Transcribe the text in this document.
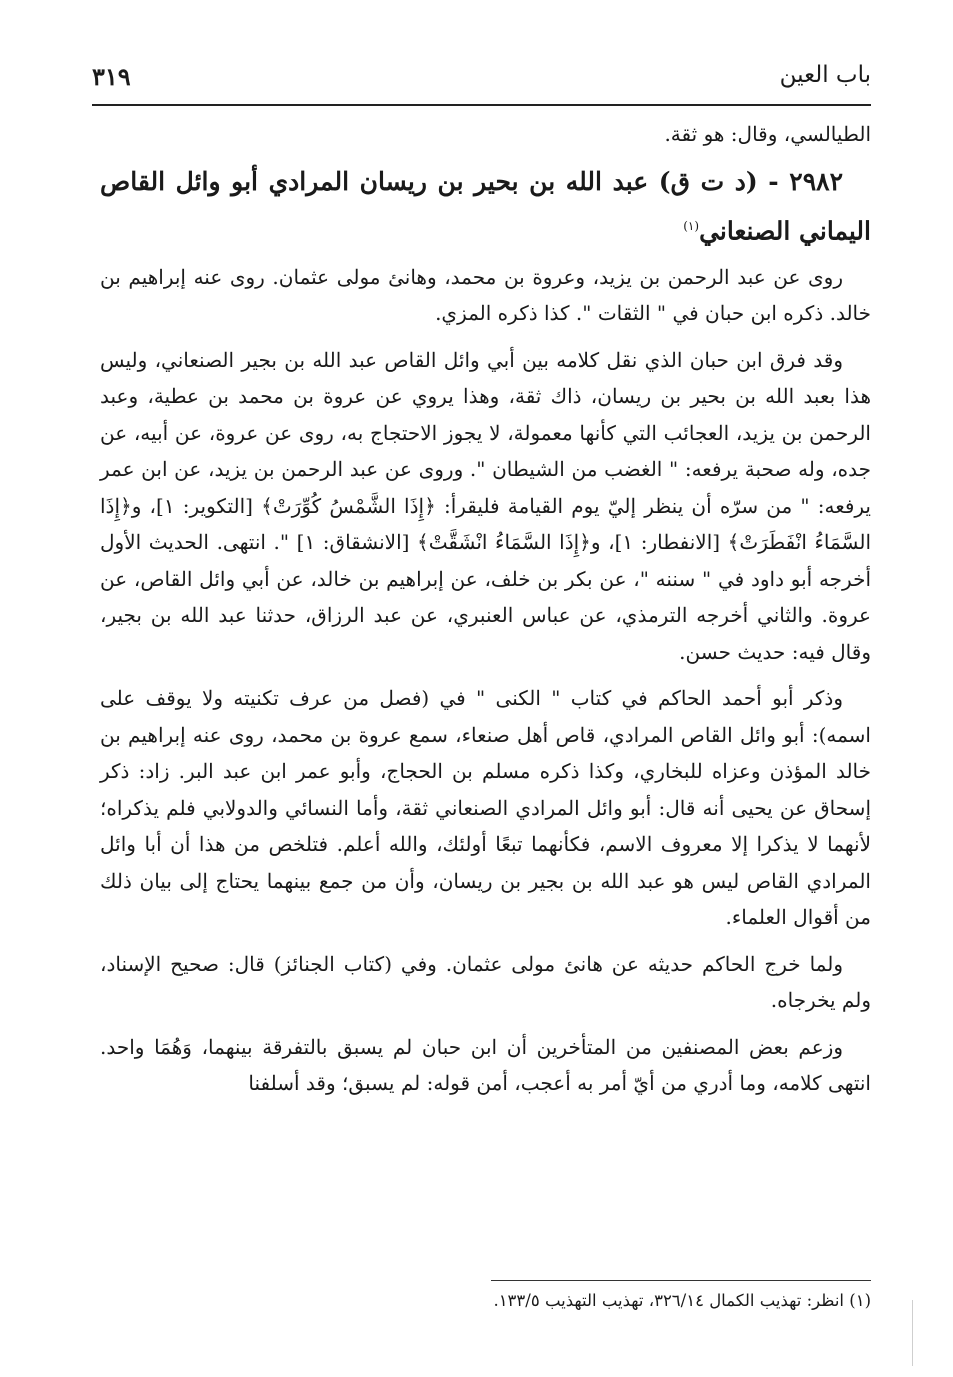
باب العين
٣١٩

الطيالسي، وقال: هو ثقة.

٢٩٨٢ - (د ت ق) عبد الله بن بحير بن ريسان المرادي أبو وائل القاص اليماني الصنعاني$^{(١)}$

روى عن عبد الرحمن بن يزيد، وعروة بن محمد، وهانئ مولى عثمان. روى عنه إبراهيم بن خالد. ذكره ابن حبان في " الثقات ". كذا ذكره المزي.

وقد فرق ابن حبان الذي نقل كلامه بين أبي وائل القاص عبد الله بن بجير الصنعاني، وليس هذا بعبد الله بن بحير بن ريسان، ذاك ثقة، وهذا يروي عن عروة بن محمد بن عطية، وعبد الرحمن بن يزيد، العجائب التي كأنها معمولة، لا يجوز الاحتجاج به، روى عن عروة، عن أبيه، عن جده، وله صحبة يرفعه: " الغضب من الشيطان ". وروى عن عبد الرحمن بن يزيد، عن ابن عمر يرفعه: " من سرّه أن ينظر إليّ يوم القيامة فليقرأ: ﴿إِذَا الشَّمْسُ كُوِّرَتْ﴾ [التكوير: ١]، و﴿إِذَا السَّمَاءُ انْفَطَرَتْ﴾ [الانفطار: ١]، و﴿إِذَا السَّمَاءُ انْشَقَّتْ﴾ [الانشقاق: ١] ". انتهى. الحديث الأول أخرجه أبو داود في " سننه "، عن بكر بن خلف، عن إبراهيم بن خالد، عن أبي وائل القاص، عن عروة. والثاني أخرجه الترمذي، عن عباس العنبري، عن عبد الرزاق، حدثنا عبد الله بن بجير، وقال فيه: حديث حسن.

وذكر أبو أحمد الحاكم في كتاب " الكنى " في (فصل من عرف تكنيته ولا يوقف على اسمه): أبو وائل القاص المرادي، قاص أهل صنعاء، سمع عروة بن محمد، روى عنه إبراهيم بن خالد المؤذن وعزاه للبخاري، وكذا ذكره مسلم بن الحجاج، وأبو عمر ابن عبد البر. زاد: ذكر إسحاق عن يحيى أنه قال: أبو وائل المرادي الصنعاني ثقة، وأما النسائي والدولابي فلم يذكراه؛ لأنهما لا يذكرا إلا معروف الاسم، فكأنهما تبعًا أولئك، والله أعلم. فتلخص من هذا أن أبا وائل المرادي القاص ليس هو عبد الله بن بجير بن ريسان، وأن من جمع بينهما يحتاج إلى بيان ذلك من أقوال العلماء.

ولما خرج الحاكم حديثه عن هانئ مولى عثمان. وفي (كتاب الجنائز) قال: صحيح الإسناد، ولم يخرجاه.

وزعم بعض المصنفين من المتأخرين أن ابن حبان لم يسبق بالتفرقة بينهما، وَهُمَا واحد. انتهى كلامه، وما أدري من أيّ أمر به أعجب، أمن قوله: لم يسبق؛ وقد أسلفنا

(١) انظر: تهذيب الكمال ٣٢٦/١٤، تهذيب التهذيب ١٣٣/٥.
